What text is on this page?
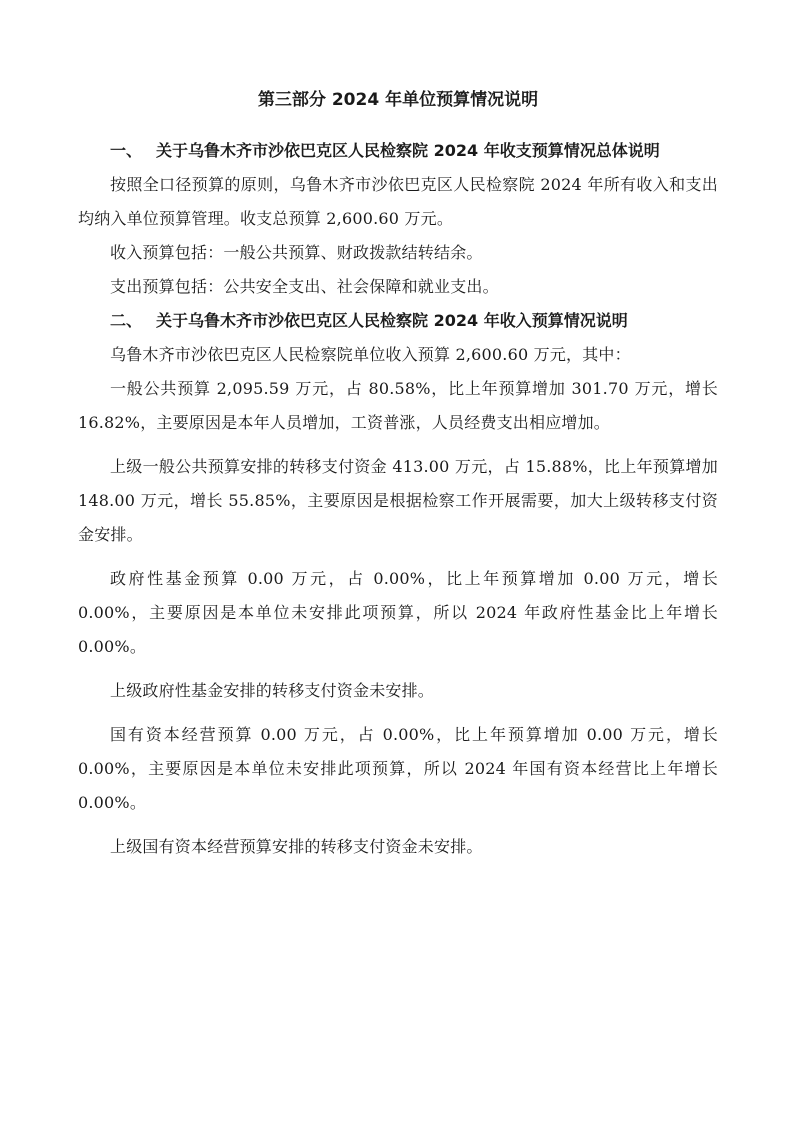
第三部分 2024 年单位预算情况说明
一、 关于乌鲁木齐市沙依巴克区人民检察院 2024 年收支预算情况总体说明

按照全口径预算的原则，乌鲁木齐市沙依巴克区人民检察院 2024 年所有收入和支出均纳入单位预算管理。收支总预算 2,600.60 万元。

收入预算包括：一般公共预算、财政拨款结转结余。

支出预算包括：公共安全支出、社会保障和就业支出。

二、 关于乌鲁木齐市沙依巴克区人民检察院 2024 年收入预算情况说明

乌鲁木齐市沙依巴克区人民检察院单位收入预算 2,600.60 万元，其中：

一般公共预算 2,095.59 万元，占 80.58%，比上年预算增加 301.70 万元，增长 16.82%，主要原因是本年人员增加，工资普涨，人员经费支出相应增加。

上级一般公共预算安排的转移支付资金 413.00 万元，占 15.88%，比上年预算增加 148.00 万元，增长 55.85%，主要原因是根据检察工作开展需要，加大上级转移支付资金安排。

政府性基金预算 0.00 万元，占 0.00%，比上年预算增加 0.00 万元，增长 0.00%，主要原因是本单位未安排此项预算，所以 2024 年政府性基金比上年增长 0.00%。

上级政府性基金安排的转移支付资金未安排。

国有资本经营预算 0.00 万元，占 0.00%，比上年预算增加 0.00 万元，增长 0.00%，主要原因是本单位未安排此项预算，所以 2024 年国有资本经营比上年增长 0.00%。

上级国有资本经营预算安排的转移支付资金未安排。
